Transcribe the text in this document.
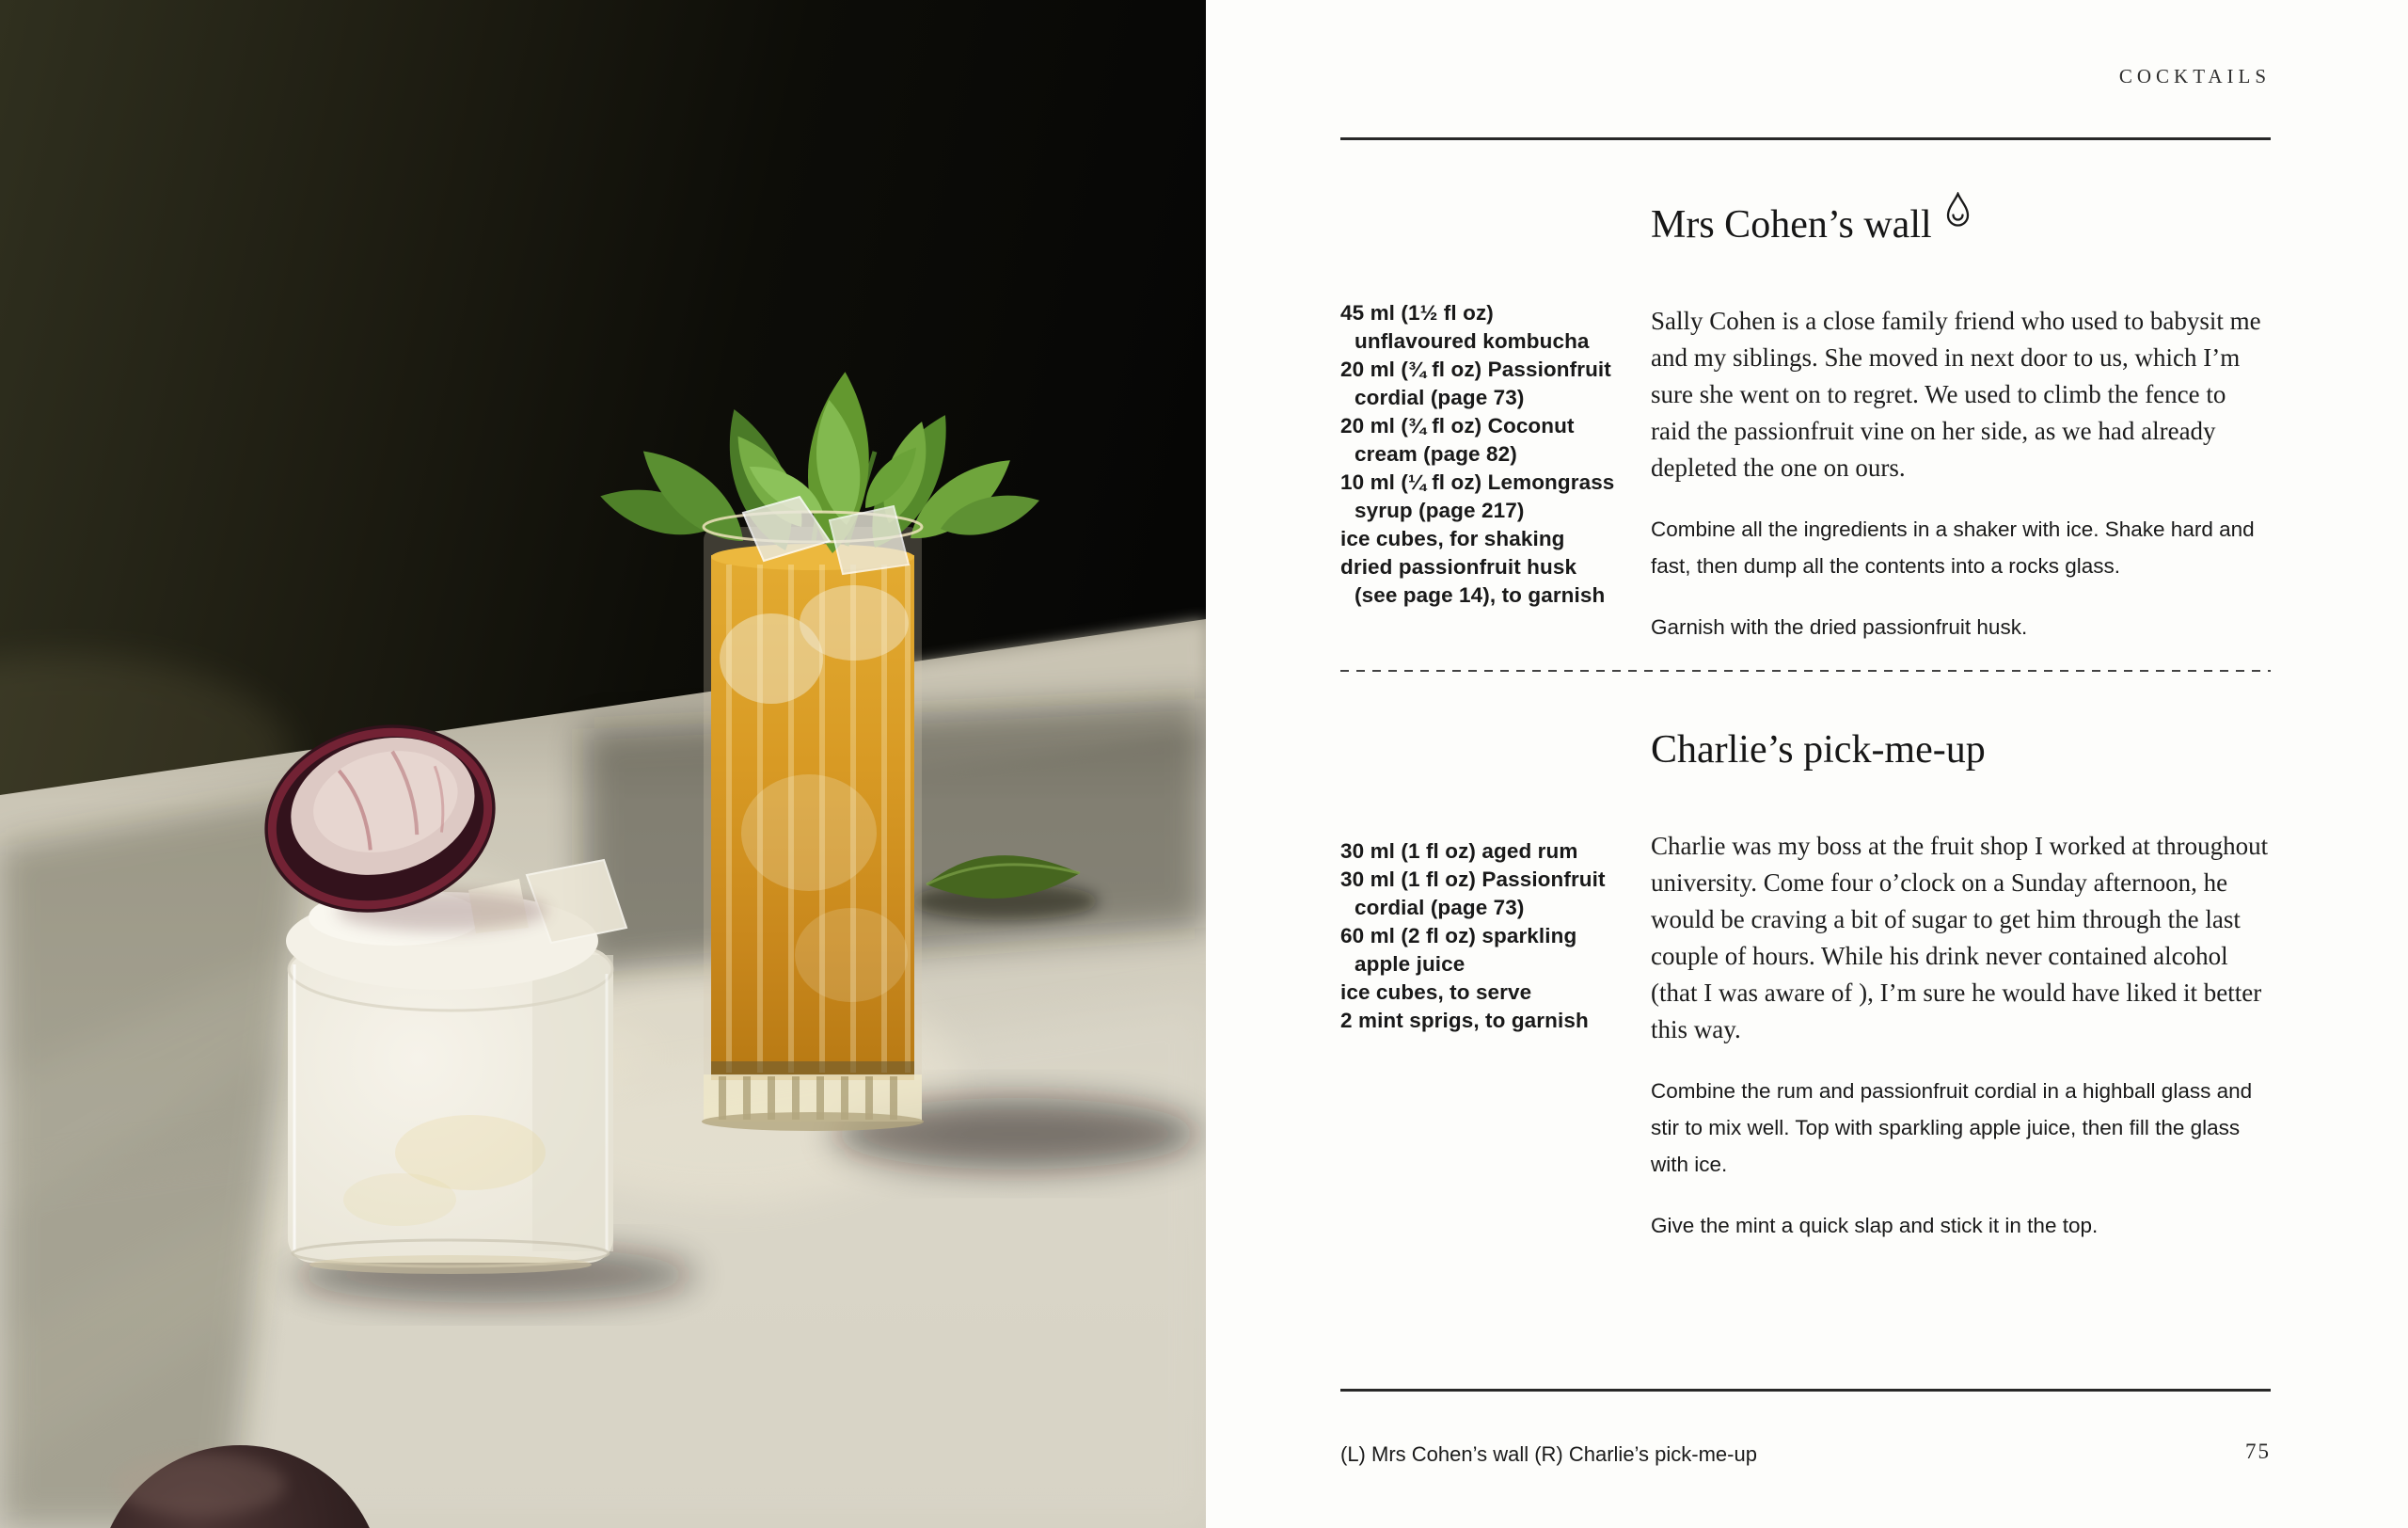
COCKTAILS
Mrs Cohen’s wall
45 ml (1½ fl oz)
unflavoured kombucha
20 ml (¾ fl oz) Passionfruit
cordial (page 73)
20 ml (¾ fl oz) Coconut
cream (page 82)
10 ml (¼ fl oz) Lemongrass
syrup (page 217)
ice cubes, for shaking
dried passionfruit husk
(see page 14), to garnish

Sally Cohen is a close family friend who used to babysit me and my siblings. She moved in next door to us, which I’m sure she went on to regret. We used to climb the fence to raid the passionfruit vine on her side, as we had already depleted the one on ours.

Combine all the ingredients in a shaker with ice. Shake hard and fast, then dump all the contents into a rocks glass.

Garnish with the dried passionfruit husk.

Charlie’s pick-me-up
30 ml (1 fl oz) aged rum
30 ml (1 fl oz) Passionfruit
cordial (page 73)
60 ml (2 fl oz) sparkling
apple juice
ice cubes, to serve
2 mint sprigs, to garnish

Charlie was my boss at the fruit shop I worked at throughout university. Come four o’clock on a Sunday afternoon, he would be craving a bit of sugar to get him through the last couple of hours. While his drink never contained alcohol (that I was aware of ), I’m sure he would have liked it better this way.

Combine the rum and passionfruit cordial in a highball glass and stir to mix well. Top with sparkling apple juice, then fill the glass with ice.

Give the mint a quick slap and stick it in the top.

(L) Mrs Cohen’s wall (R) Charlie’s pick-me-up	75
